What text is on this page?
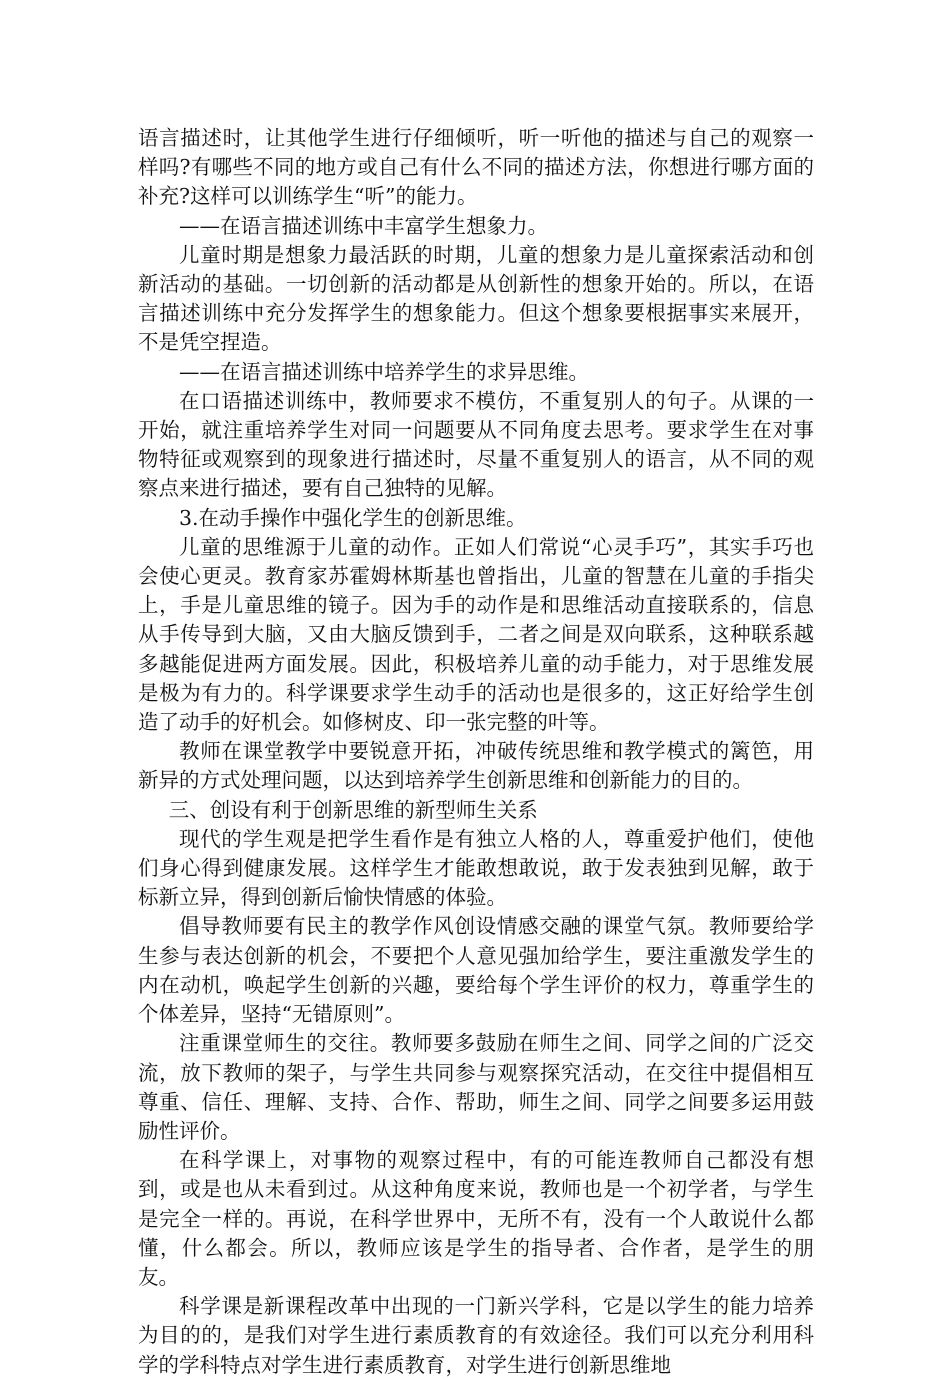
语言描述时，让其他学生进行仔细倾听，听一听他的描述与自己的观察一样吗?有哪些不同的地方或自己有什么不同的描述方法，你想进行哪方面的补充?这样可以训练学生“听”的能力。

——在语言描述训练中丰富学生想象力。

儿童时期是想象力最活跃的时期，儿童的想象力是儿童探索活动和创新活动的基础。一切创新的活动都是从创新性的想象开始的。所以，在语言描述训练中充分发挥学生的想象能力。但这个想象要根据事实来展开，不是凭空捏造。

——在语言描述训练中培养学生的求异思维。

在口语描述训练中，教师要求不模仿，不重复别人的句子。从课的一开始，就注重培养学生对同一问题要从不同角度去思考。要求学生在对事物特征或观察到的现象进行描述时，尽量不重复别人的语言，从不同的观察点来进行描述，要有自己独特的见解。

3.在动手操作中强化学生的创新思维。

儿童的思维源于儿童的动作。正如人们常说“心灵手巧”，其实手巧也会使心更灵。教育家苏霍姆林斯基也曾指出，儿童的智慧在儿童的手指尖上，手是儿童思维的镜子。因为手的动作是和思维活动直接联系的，信息从手传导到大脑，又由大脑反馈到手，二者之间是双向联系，这种联系越多越能促进两方面发展。因此，积极培养儿童的动手能力，对于思维发展是极为有力的。科学课要求学生动手的活动也是很多的，这正好给学生创造了动手的好机会。如修树皮、印一张完整的叶等。

教师在课堂教学中要锐意开拓，冲破传统思维和教学模式的篱笆，用新异的方式处理问题，以达到培养学生创新思维和创新能力的目的。

三、创设有利于创新思维的新型师生关系

现代的学生观是把学生看作是有独立人格的人，尊重爱护他们，使他们身心得到健康发展。这样学生才能敢想敢说，敢于发表独到见解，敢于标新立异，得到创新后愉快情感的体验。

倡导教师要有民主的教学作风创设情感交融的课堂气氛。教师要给学生参与表达创新的机会，不要把个人意见强加给学生，要注重激发学生的内在动机，唤起学生创新的兴趣，要给每个学生评价的权力，尊重学生的个体差异，坚持“无错原则”。

注重课堂师生的交往。教师要多鼓励在师生之间、同学之间的广泛交流，放下教师的架子，与学生共同参与观察探究活动，在交往中提倡相互尊重、信任、理解、支持、合作、帮助，师生之间、同学之间要多运用鼓励性评价。

在科学课上，对事物的观察过程中，有的可能连教师自己都没有想到，或是也从未看到过。从这种角度来说，教师也是一个初学者，与学生是完全一样的。再说，在科学世界中，无所不有，没有一个人敢说什么都懂，什么都会。所以，教师应该是学生的指导者、合作者，是学生的朋友。

科学课是新课程改革中出现的一门新兴学科，它是以学生的能力培养为目的的，是我们对学生进行素质教育的有效途径。我们可以充分利用科学的学科特点对学生进行素质教育，对学生进行创新思维地
